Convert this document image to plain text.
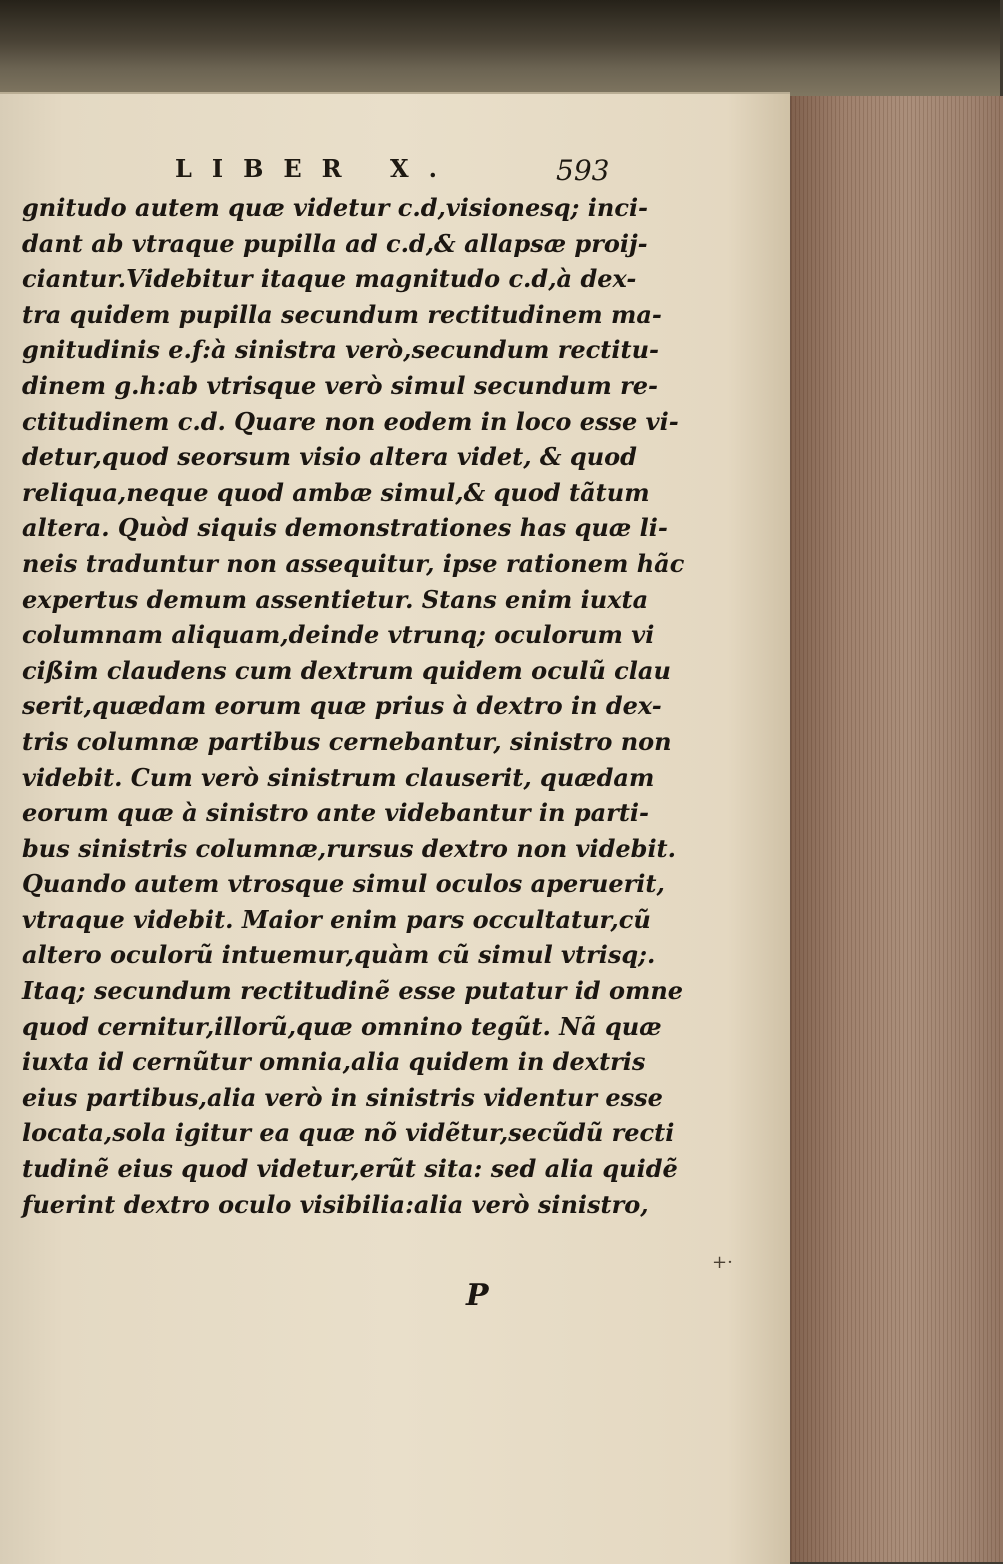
LIBER X.	593
gnitudo autem quæ videtur c.d,visionesq; inci-
dant ab vtraque pupilla ad c.d,& allapsæ proij-
ciantur.Videbitur itaque magnitudo c.d,à dex-
tra quidem pupilla secundum rectitudinem ma-
gnitudinis e.f:à sinistra verò,secundum rectitu-
dinem g.h:ab vtrisque verò simul secundum re-
ctitudinem c.d. Quare non eodem in loco esse vi-
detur,quod seorsum visio altera videt, & quod
reliqua,neque quod ambæ simul,& quod tãtum
altera. Quòd siquis demonstrationes has quæ li-
neis traduntur non assequitur, ipse rationem hãc
expertus demum assentietur. Stans enim iuxta
columnam aliquam,deinde vtrunq; oculorum vi
cißim claudens cum dextrum quidem oculũ clau
serit,quædam eorum quæ prius à dextro in dex-
tris columnæ partibus cernebantur, sinistro non
videbit. Cum verò sinistrum clauserit, quædam
eorum quæ à sinistro ante videbantur in parti-
bus sinistris columnæ,rursus dextro non videbit.
Quando autem vtrosque simul oculos aperuerit,
vtraque videbit. Maior enim pars occultatur,cũ
altero oculorũ intuemur,quàm cũ simul vtrisq;.
Itaq; secundum rectitudinẽ esse putatur id omne
quod cernitur,illorũ,quæ omnino tegũt. Nã quæ
iuxta id cernũtur omnia,alia quidem in dextris
eius partibus,alia verò in sinistris videntur esse
locata,sola igitur ea quæ nõ vidẽtur,secũdũ recti
tudinẽ eius quod videtur,erũt sita: sed alia quidẽ
fuerint dextro oculo visibilia:alia verò sinistro,
P
+·
